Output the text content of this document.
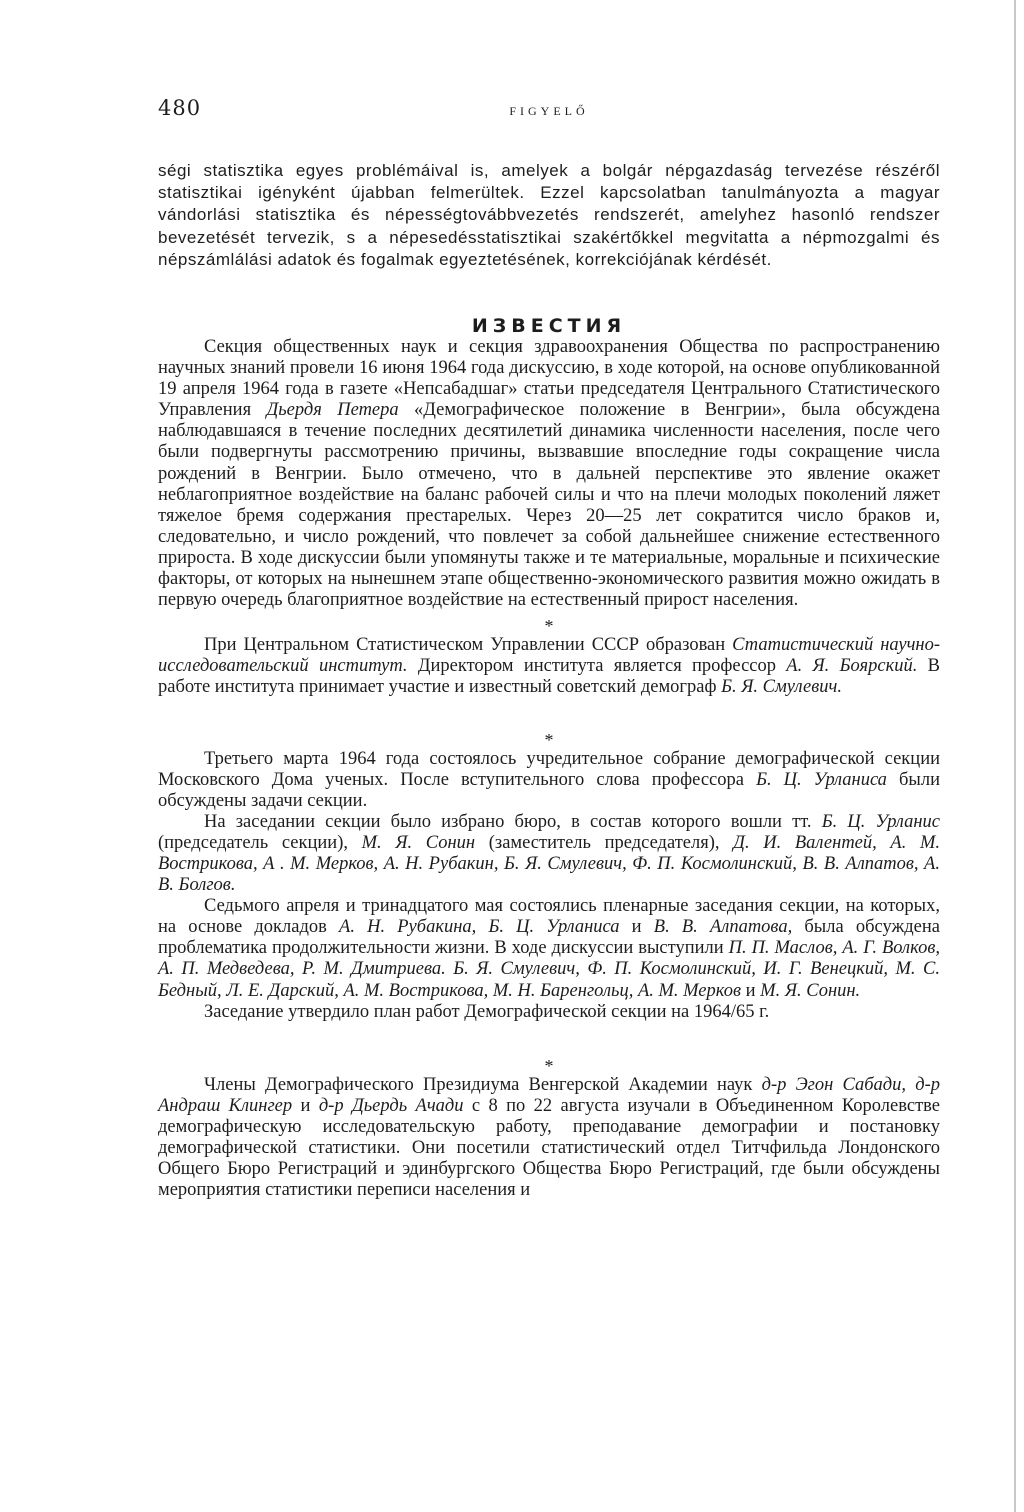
480	FIGYELŐ
ségi statisztika egyes problémáival is, amelyek a bolgár népgazdaság tervezése részéről statisztikai igényként újabban felmerültek. Ezzel kapcsolatban tanulmányozta a magyar vándorlási statisztika és népességtovábbvezetés rendszerét, amelyhez hasonló rendszer bevezetését tervezik, s a népesedésstatisztikai szakértőkkel megvitatta a népmozgalmi és népszámlálási adatok és fogalmak egyeztetésének, korrekciójának kérdését.
ИЗВЕСТИЯ

Секция общественных наук и секция здравоохранения Общества по распространению научных знаний провели 16 июня 1964 года дискуссию, в ходе которой, на основе опубликованной 19 апреля 1964 года в газете «Непсабадшаг» статьи председателя Центрального Статистического Управления Дьердя Петера «Демографическое положение в Венгрии», была обсуждена наблюдавшаяся в течение последних десятилетий динамика численности населения, после чего были подвергнуты рассмотрению причины, вызвавшие впоследние годы сокращение числа рождений в Венгрии. Было отмечено, что в дальней перспективе это явление окажет неблагоприятное воздействие на баланс рабочей силы и что на плечи молодых поколений ляжет тяжелое бремя содержания престарелых. Через 20—25 лет сократится число браков и, следовательно, и число рождений, что повлечет за собой дальнейшее снижение естественного прироста. В ходе дискуссии были упомянуты также и те материальные, моральные и психические факторы, от которых на нынешнем этапе общественно-экономического развития можно ожидать в первую очередь благоприятное воздействие на естественный прирост населения.

*

При Центральном Статистическом Управлении СССР образован Статистический научно-исследовательский институт. Директором института является профессор А. Я. Боярский. В работе института принимает участие и известный советский демограф Б. Я. Смулевич.

*

Третьего марта 1964 года состоялось учредительное собрание демографической секции Московского Дома ученых. После вступительного слова профессора Б. Ц. Урланиса были обсуждены задачи секции.

На заседании секции было избрано бюро, в состав которого вошли тт. Б. Ц. Урланис (председатель секции), М. Я. Сонин (заместитель председателя), Д. И. Валентей, А. М. Востpикова, А . М. Мерков, А. Н. Рубакин, Б. Я. Смулевич, Ф. П. Космолинский, В. В. Алпатов, А. В. Болгов.

Седьмого апреля и тринадцатого мая состоялись пленарные заседания секции, на которых, на основе докладов А. Н. Рубакина, Б. Ц. Урланиса и В. В. Алпатова, была обсуждена проблематика продолжительности жизни. В ходе дискуссии выступили П. П. Маслов, А. Г. Волков, А. П. Медведева, Р. М. Дмитриева. Б. Я. Смулевич, Ф. П. Космолинский, И. Г. Венецкий, М. С. Бедный, Л. Е. Дарский, А. М. Вострикова, М. Н. Баренгольц, А. М. Мерков и М. Я. Сонин.

Заседание утвердило план работ Демографической секции на 1964/65 г.

*

Члены Демографического Президиума Венгерской Академии наук д-р Эгон Сабади, д-р Андраш Клингер и д-р Дьердь Ачади с 8 по 22 августа изучали в Объединенном Королевстве демографическую исследовательскую работу, преподавание демографии и постановку демографической статистики. Они посетили статистический отдел Титчфильда Лондонского Общего Бюро Регистраций и эдинбургского Общества Бюро Регистраций, где были обсуждены мероприятия статистики переписи населения и
